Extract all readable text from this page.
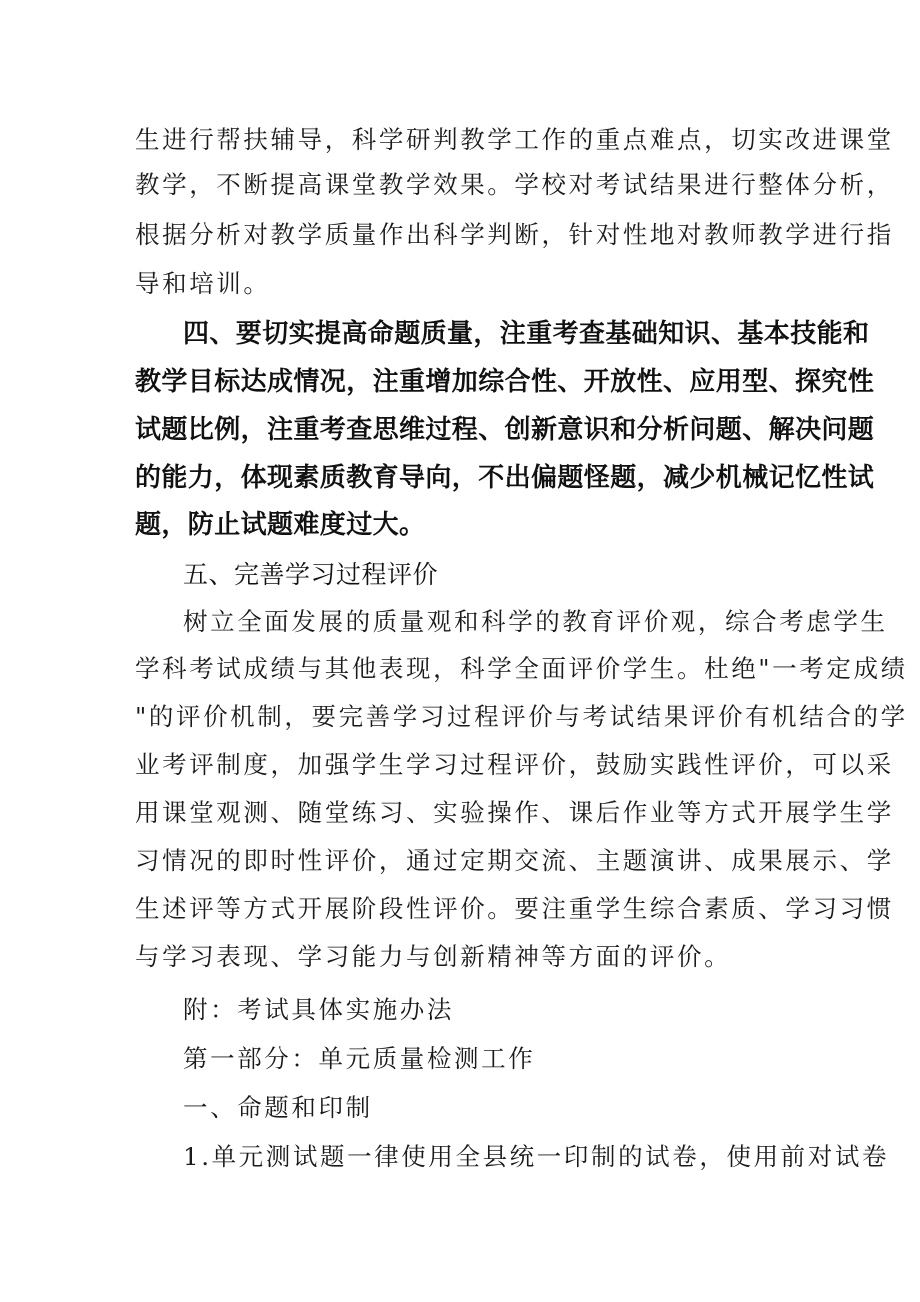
生进行帮扶辅导，科学研判教学工作的重点难点，切实改进课堂
教学，不断提高课堂教学效果。学校对考试结果进行整体分析，
根据分析对教学质量作出科学判断，针对性地对教师教学进行指
导和培训。
四、要切实提高命题质量，注重考查基础知识、基本技能和
教学目标达成情况，注重增加综合性、开放性、应用型、探究性
试题比例，注重考查思维过程、创新意识和分析问题、解决问题
的能力，体现素质教育导向，不出偏题怪题，减少机械记忆性试
题，防止试题难度过大。
五、完善学习过程评价
树立全面发展的质量观和科学的教育评价观，综合考虑学生
学科考试成绩与其他表现，科学全面评价学生。杜绝"一考定成绩
"的评价机制，要完善学习过程评价与考试结果评价有机结合的学
业考评制度，加强学生学习过程评价，鼓励实践性评价，可以采
用课堂观测、随堂练习、实验操作、课后作业等方式开展学生学
习情况的即时性评价，通过定期交流、主题演讲、成果展示、学
生述评等方式开展阶段性评价。要注重学生综合素质、学习习惯
与学习表现、学习能力与创新精神等方面的评价。
附：考试具体实施办法
第一部分：单元质量检测工作
一、命题和印制
1.单元测试题一律使用全县统一印制的试卷，使用前对试卷
